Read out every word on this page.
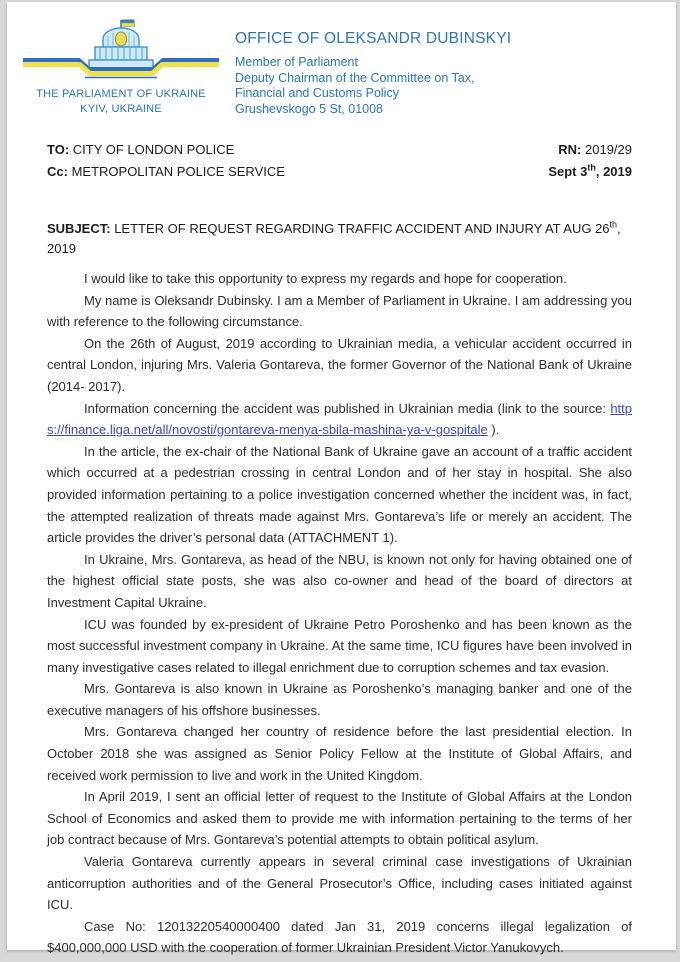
THE PARLIAMENT OF UKRAINE
KYIV, UKRAINE
OFFICE OF OLEKSANDR DUBINSKYI
Member of Parliament
Deputy Chairman of the Committee on Tax,
Financial and Customs Policy
Grushevskogo 5 St, 01008
TO: CITY OF LONDON POLICE	RN: 2019/29
Cc: METROPOLITAN POLICE SERVICE	Sept 3th, 2019
SUBJECT: LETTER OF REQUEST REGARDING TRAFFIC ACCIDENT AND INJURY AT AUG 26th, 2019

I would like to take this opportunity to express my regards and hope for cooperation.

My name is Oleksandr Dubinsky. I am a Member of Parliament in Ukraine. I am addressing you with reference to the following circumstance.

On the 26th of August, 2019 according to Ukrainian media, a vehicular accident occurred in central London, injuring Mrs. Valeria Gontareva, the former Governor of the National Bank of Ukraine (2014- 2017).

Information concerning the accident was published in Ukrainian media (link to the source: https://finance.liga.net/all/novosti/gontareva-menya-sbila-mashina-ya-v-gospitale ).

In the article, the ex-chair of the National Bank of Ukraine gave an account of a traffic accident which occurred at a pedestrian crossing in central London and of her stay in hospital. She also provided information pertaining to a police investigation concerned whether the incident was, in fact, the attempted realization of threats made against Mrs. Gontareva’s life or merely an accident. The article provides the driver’s personal data (ATTACHMENT 1).

In Ukraine, Mrs. Gontareva, as head of the NBU, is known not only for having obtained one of the highest official state posts, she was also co-owner and head of the board of directors at Investment Capital Ukraine.

ICU was founded by ex-president of Ukraine Petro Poroshenko and has been known as the most successful investment company in Ukraine. At the same time, ICU figures have been involved in many investigative cases related to illegal enrichment due to corruption schemes and tax evasion.

Mrs. Gontareva is also known in Ukraine as Poroshenko’s managing banker and one of the executive managers of his offshore businesses.

Mrs. Gontareva changed her country of residence before the last presidential election. In October 2018 she was assigned as Senior Policy Fellow at the Institute of Global Affairs, and received work permission to live and work in the United Kingdom.

In April 2019, I sent an official letter of request to the Institute of Global Affairs at the London School of Economics and asked them to provide me with information pertaining to the terms of her job contract because of Mrs. Gontareva’s potential attempts to obtain political asylum.

Valeria Gontareva currently appears in several criminal case investigations of Ukrainian anticorruption authorities and of the General Prosecutor’s Office, including cases initiated against ICU.

Case No: 12013220540000400 dated Jan 31, 2019 concerns illegal legalization of $400,000,000 USD with the cooperation of former Ukrainian President Victor Yanukovych.
